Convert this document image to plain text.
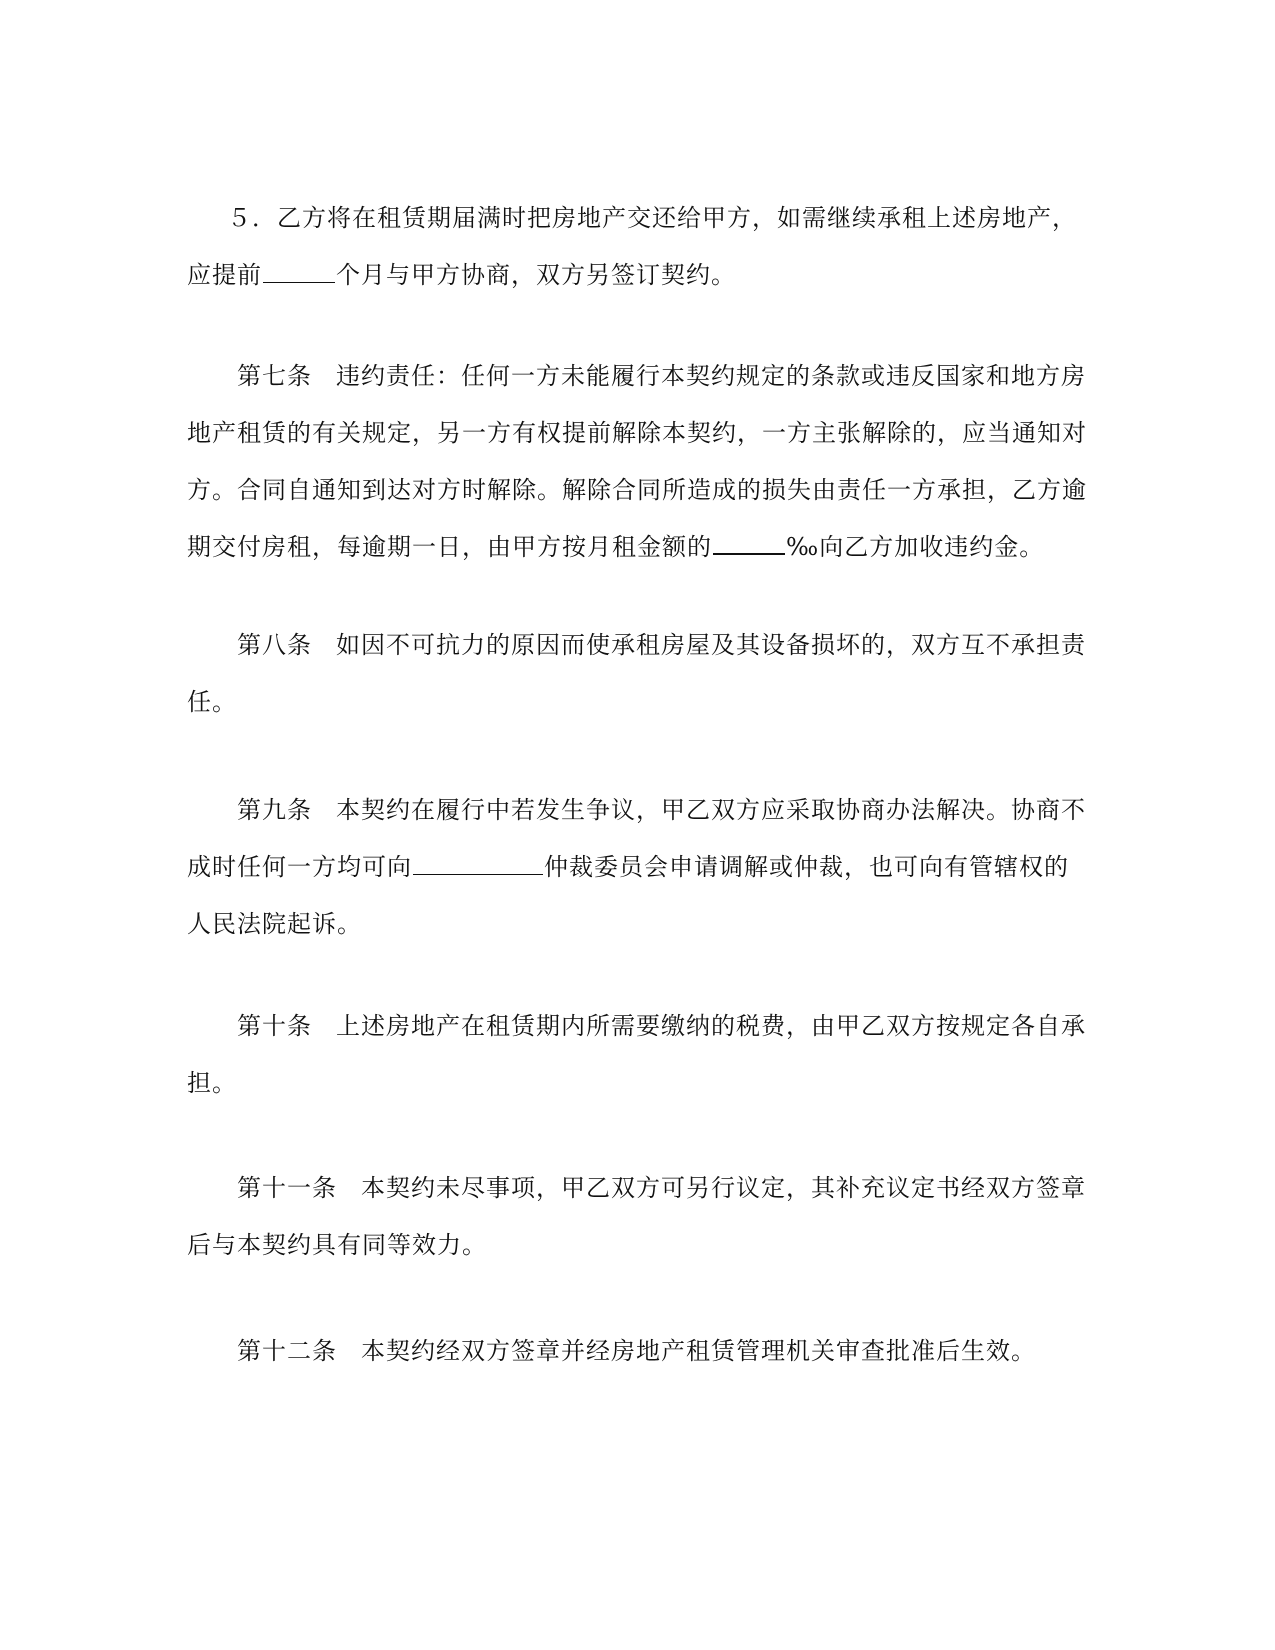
５．乙方将在租赁期届满时把房地产交还给甲方，如需继续承租上述房地产，
应提前	个月与甲方协商，双方另签订契约。
第七条 违约责任：任何一方未能履行本契约规定的条款或违反国家和地方房
地产租赁的有关规定，另一方有权提前解除本契约，一方主张解除的，应当通知对
方。合同自通知到达对方时解除。解除合同所造成的损失由责任一方承担，乙方逾
期交付房租，每逾期一日，由甲方按月租金额的	‰向乙方加收违约金。
第八条 如因不可抗力的原因而使承租房屋及其设备损坏的，双方互不承担责
任。
第九条 本契约在履行中若发生争议，甲乙双方应采取协商办法解决。协商不
成时任何一方均可向	仲裁委员会申请调解或仲裁，也可向有管辖权的
人民法院起诉。
第十条 上述房地产在租赁期内所需要缴纳的税费，由甲乙双方按规定各自承
担。
第十一条 本契约未尽事项，甲乙双方可另行议定，其补充议定书经双方签章
后与本契约具有同等效力。
第十二条 本契约经双方签章并经房地产租赁管理机关审查批准后生效。
